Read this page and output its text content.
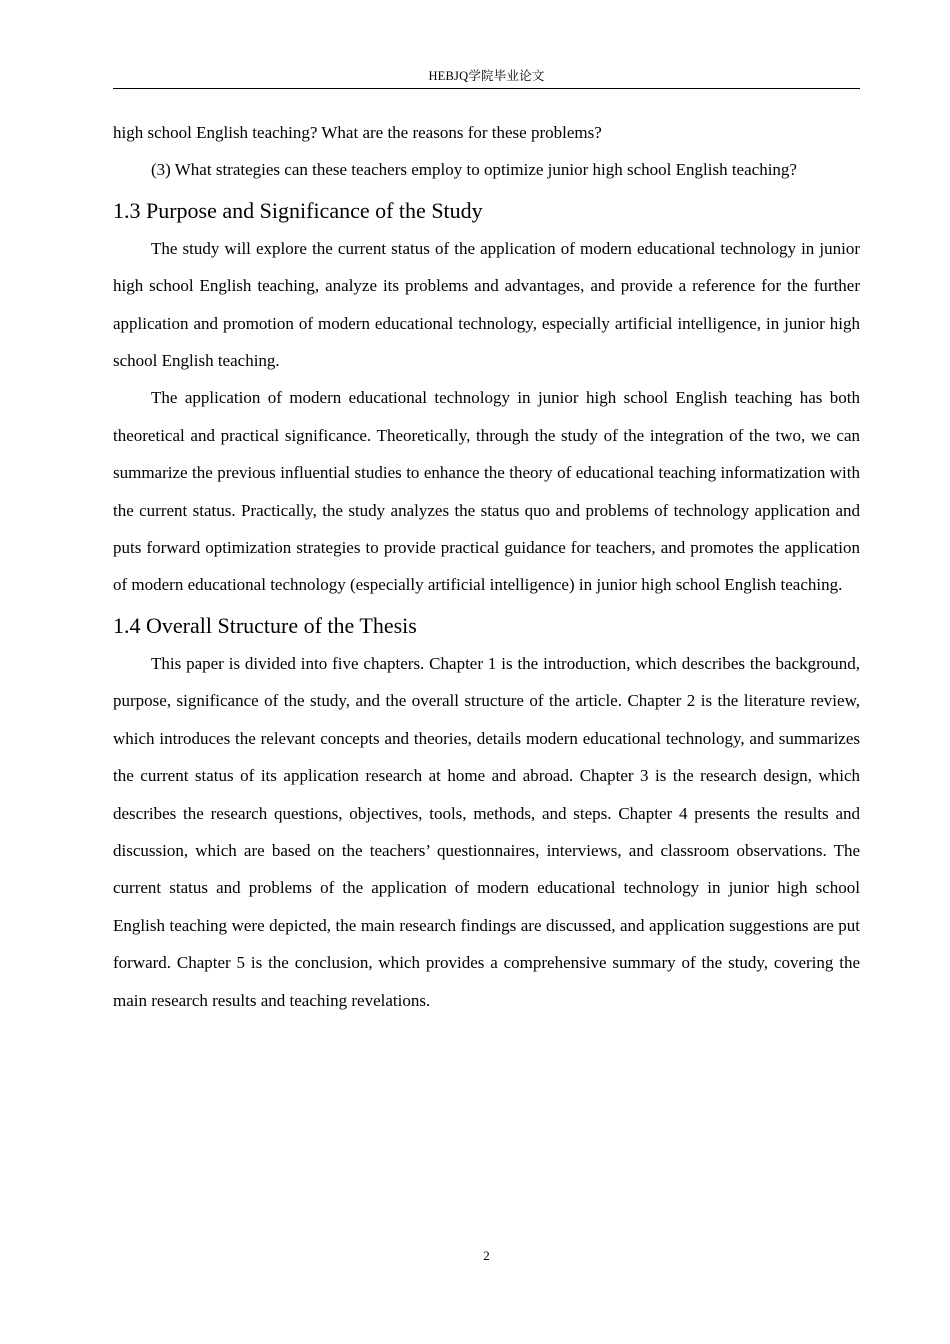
HEBJQ学院毕业论文

high school English teaching? What are the reasons for these problems?

(3) What strategies can these teachers employ to optimize junior high school English teaching?

1.3 Purpose and Significance of the Study

The study will explore the current status of the application of modern educational technology in junior high school English teaching, analyze its problems and advantages, and provide a reference for the further application and promotion of modern educational technology, especially artificial intelligence, in junior high school English teaching.

The application of modern educational technology in junior high school English teaching has both theoretical and practical significance. Theoretically, through the study of the integration of the two, we can summarize the previous influential studies to enhance the theory of educational teaching informatization with the current status. Practically, the study analyzes the status quo and problems of technology application and puts forward optimization strategies to provide practical guidance for teachers, and promotes the application of modern educational technology (especially artificial intelligence) in junior high school English teaching.

1.4 Overall Structure of the Thesis

This paper is divided into five chapters. Chapter 1 is the introduction, which describes the background, purpose, significance of the study, and the overall structure of the article. Chapter 2 is the literature review, which introduces the relevant concepts and theories, details modern educational technology, and summarizes the current status of its application research at home and abroad. Chapter 3 is the research design, which describes the research questions, objectives, tools, methods, and steps. Chapter 4 presents the results and discussion, which are based on the teachers’ questionnaires, interviews, and classroom observations. The current status and problems of the application of modern educational technology in junior high school English teaching were depicted, the main research findings are discussed, and application suggestions are put forward. Chapter 5 is the conclusion, which provides a comprehensive summary of the study, covering the main research results and teaching revelations.

2
